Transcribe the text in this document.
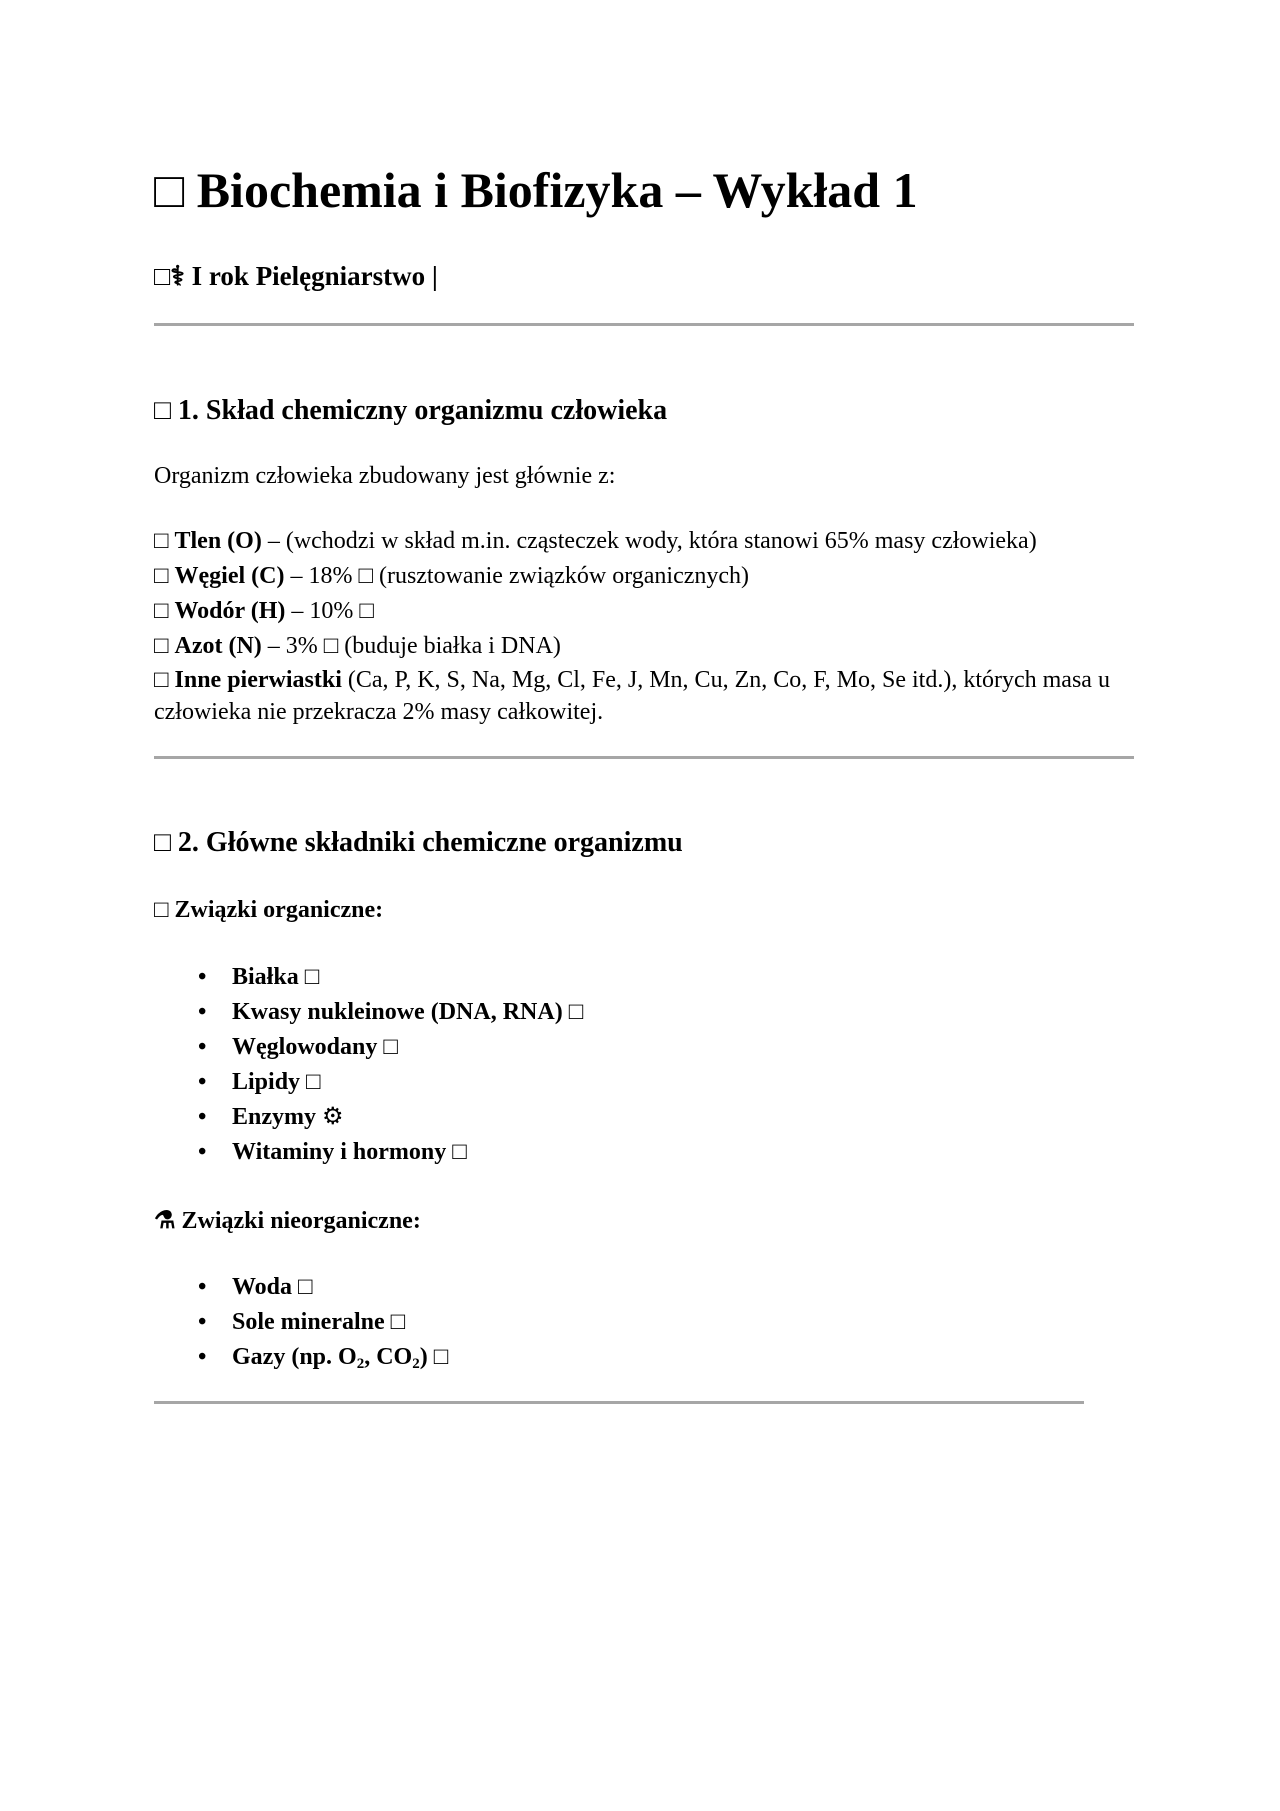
□ Biochemia i Biofizyka – Wykład 1

□⚕ I rok Pielęgniarstwo |

□ 1. Skład chemiczny organizmu człowieka

Organizm człowieka zbudowany jest głównie z:

□ Tlen (O) – (wchodzi w skład m.in. cząsteczek wody, która stanowi 65% masy człowieka)
□ Węgiel (C) – 18% □ (rusztowanie związków organicznych)
□ Wodór (H) – 10% □
□ Azot (N) – 3% □ (buduje białka i DNA)
□ Inne pierwiastki (Ca, P, K, S, Na, Mg, Cl, Fe, J, Mn, Cu, Zn, Co, F, Mo, Se itd.), których masa u człowieka nie przekracza 2% masy całkowitej.
□ 2. Główne składniki chemiczne organizmu

□ Związki organiczne:

• Białka □
• Kwasy nukleinowe (DNA, RNA) □
• Węglowodany □
• Lipidy □
• Enzymy ⚙
• Witaminy i hormony □

⚗ Związki nieorganiczne:

• Woda □
• Sole mineralne □
• Gazy (np. $O_2$, $CO_2$) □
